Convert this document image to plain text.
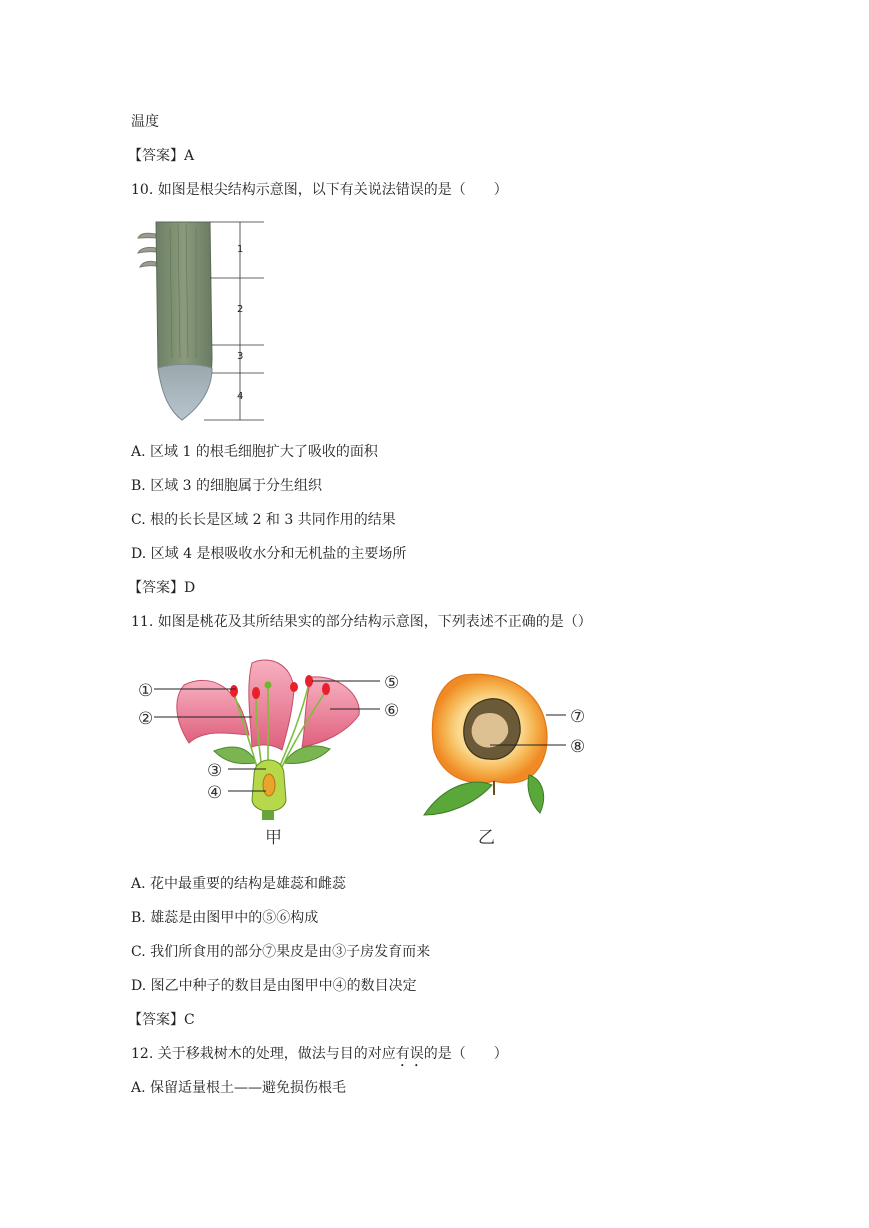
温度
【答案】A
10. 如图是根尖结构示意图，以下有关说法错误的是（　　）
1
2
3
4
A. 区域 1 的根毛细胞扩大了吸收的面积
B. 区域 3 的细胞属于分生组织
C. 根的长长是区域 2 和 3 共同作用的结果
D. 区域 4 是根吸收水分和无机盐的主要场所
【答案】D
11. 如图是桃花及其所结果实的部分结构示意图，下列表述不正确的是（）
①
②
③
④
⑤
⑥
甲
⑦
⑧
乙
A. 花中最重要的结构是雄蕊和雌蕊
B. 雄蕊是由图甲中的⑤⑥构成
C. 我们所食用的部分⑦果皮是由③子房发育而来
D. 图乙中种子的数目是由图甲中④的数目决定
【答案】C
12. 关于移栽树木的处理，做法与目的对应有误的是（　　）
A. 保留适量根土——避免损伤根毛
